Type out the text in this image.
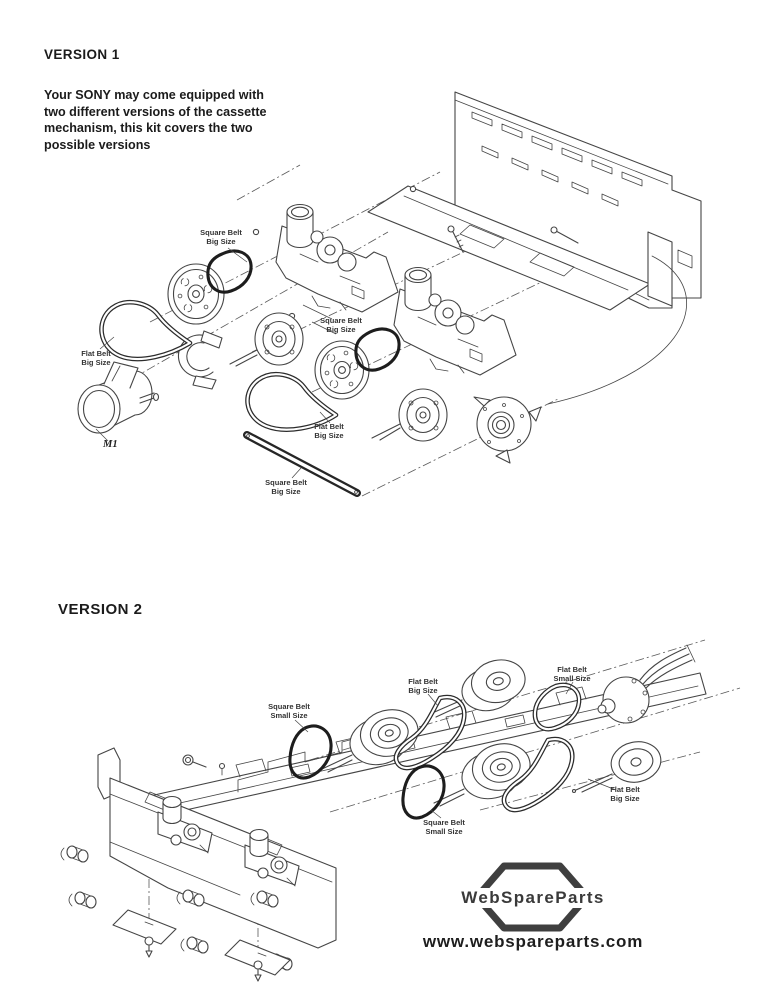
VERSION 1
Your SONY may come equipped with
two different versions of the cassette
mechanism, this kit covers the two
possible versions
VERSION 2
Square Belt
Big Size
Flat Belt
Big Size
M1
Square Belt
Big Size
Flat Belt
Big Size
Square Belt
Big Size
Square Belt
Small Size
Flat Belt
Big Size
Flat Belt
Small Size
Flat Belt
Big Size
Square Belt
Small Size
WebSpareParts
www.webspareparts.com
